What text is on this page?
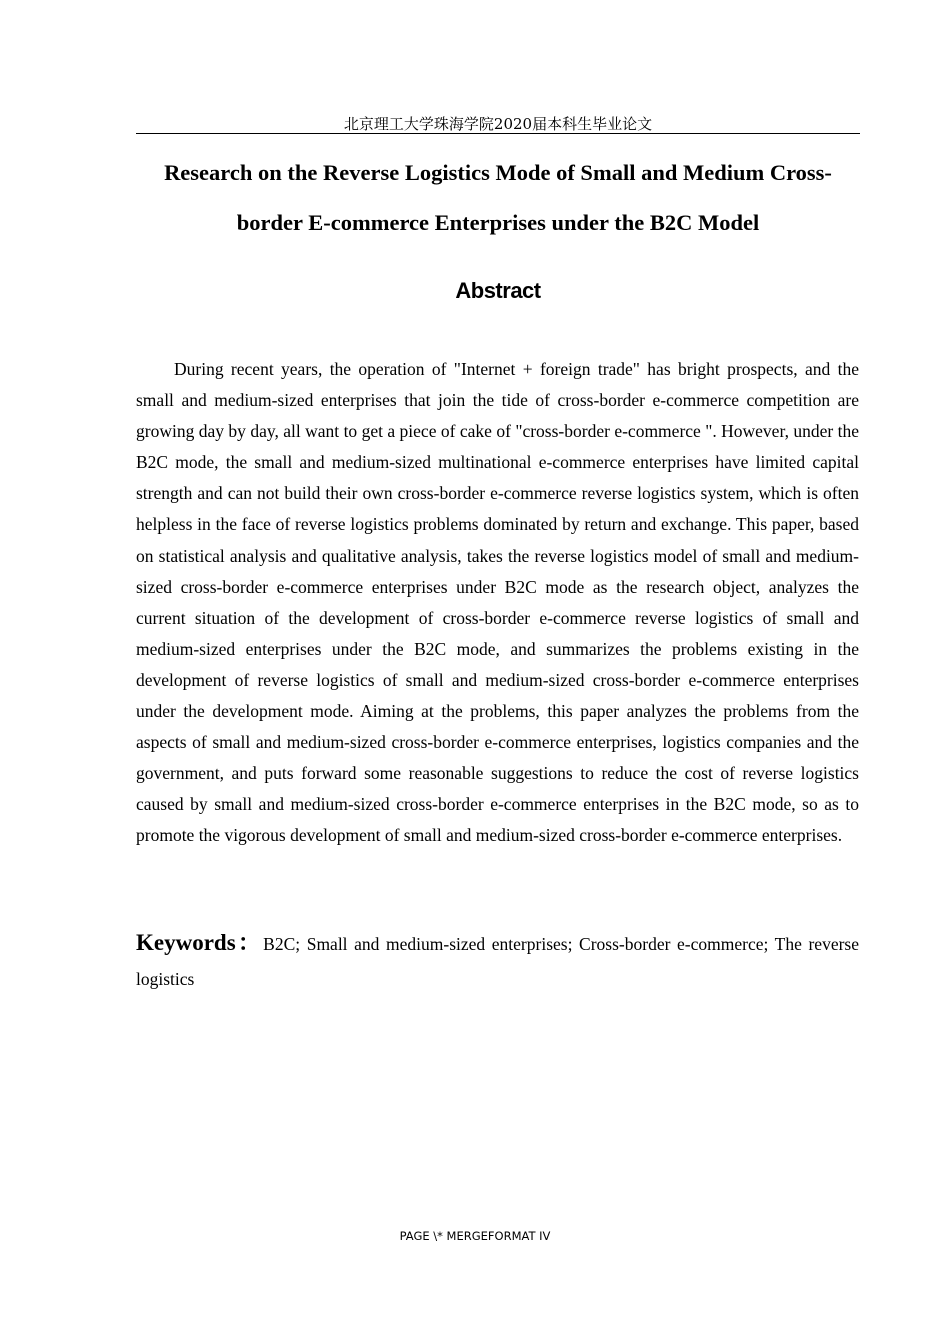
北京理工大学珠海学院2020届本科生毕业论文
Research on the Reverse Logistics Mode of Small and Medium Cross-border E-commerce Enterprises under the B2C Model
Abstract

During recent years, the operation of "Internet + foreign trade" has bright prospects, and the small and medium-sized enterprises that join the tide of cross-border e-commerce competition are growing day by day, all want to get a piece of cake of "cross-border e-commerce ". However, under the B2C mode, the small and medium-sized multinational e-commerce enterprises have limited capital strength and can not build their own cross-border e-commerce reverse logistics system, which is often helpless in the face of reverse logistics problems dominated by return and exchange. This paper, based on statistical analysis and qualitative analysis, takes the reverse logistics model of small and medium-sized cross-border e-commerce enterprises under B2C mode as the research object, analyzes the current situation of the development of cross-border e-commerce reverse logistics of small and medium-sized enterprises under the B2C mode, and summarizes the problems existing in the development of reverse logistics of small and medium-sized cross-border e-commerce enterprises under the development mode. Aiming at the problems, this paper analyzes the problems from the aspects of small and medium-sized cross-border e-commerce enterprises, logistics companies and the government, and puts forward some reasonable suggestions to reduce the cost of reverse logistics caused by small and medium-sized cross-border e-commerce enterprises in the B2C mode, so as to promote the vigorous development of small and medium-sized cross-border e-commerce enterprises.

Keywords：B2C; Small and medium-sized enterprises; Cross-border e-commerce; The reverse logistics

PAGE \* MERGEFORMAT IV
